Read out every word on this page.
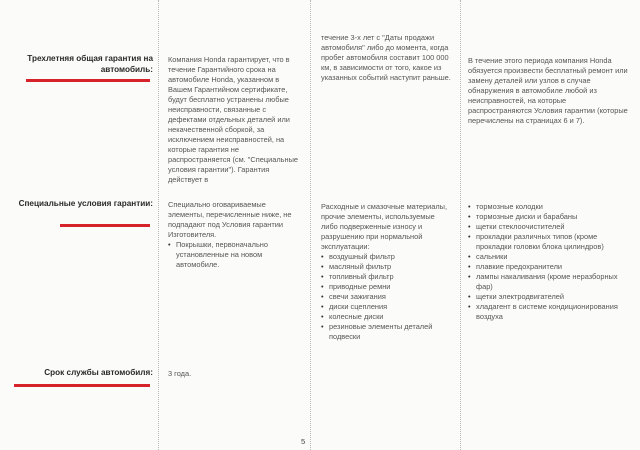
Трехлетняя общая гарантия на автомобиль:

Компания Honda гарантирует, что в течение Гарантийного срока на автомобиле Honda, указанном в Вашем Гарантийном сертификате, будут бесплатно устранены любые неисправности, связанные с дефектами отдельных деталей или некачественной сборкой, за исключением неисправностей, на которые гарантия не распространяется (см. "Специальные условия гарантии"). Гарантия действует в

течение 3-х лет с "Даты продажи автомобиля" либо до момента, когда пробег автомобиля составит 100 000 км, в зависимости от того, какое из указанных событий наступит раньше.

В течение этого периода компания Honda обязуется произвести бесплатный ремонт или замену деталей или узлов в случае обнаружения в автомобиле любой из неисправностей, на которые распространяются Условия гарантии (которые перечислены на страницах 6 и 7).

Специальные условия гарантии: Специально оговариваемые элементы, перечисленные ниже, не подпадают под Условия гарантии Изготовителя.

• Покрышки, первоначально установленные на новом автомобиле.

Расходные и смазочные материалы, прочие элементы, используемые либо подверженные износу и разрушению при нормальной эксплуатации:

• воздушный фильтр
• масляный фильтр
• топливный фильтр
• приводные ремни
• свечи зажигания
• диски сцепления
• колесные диски
• резиновые элементы деталей подвески
• тормозные колодки
• тормозные диски и барабаны
• щетки стеклоочистителей
• прокладки различных типов (кроме прокладки головки блока цилиндров)
• сальники
• плавкие предохранители
• лампы накаливания (кроме неразборных фар)
• щетки электродвигателей
• хладагент в системе кондиционирования воздуха
Срок службы автомобиля: 3 года.

5
